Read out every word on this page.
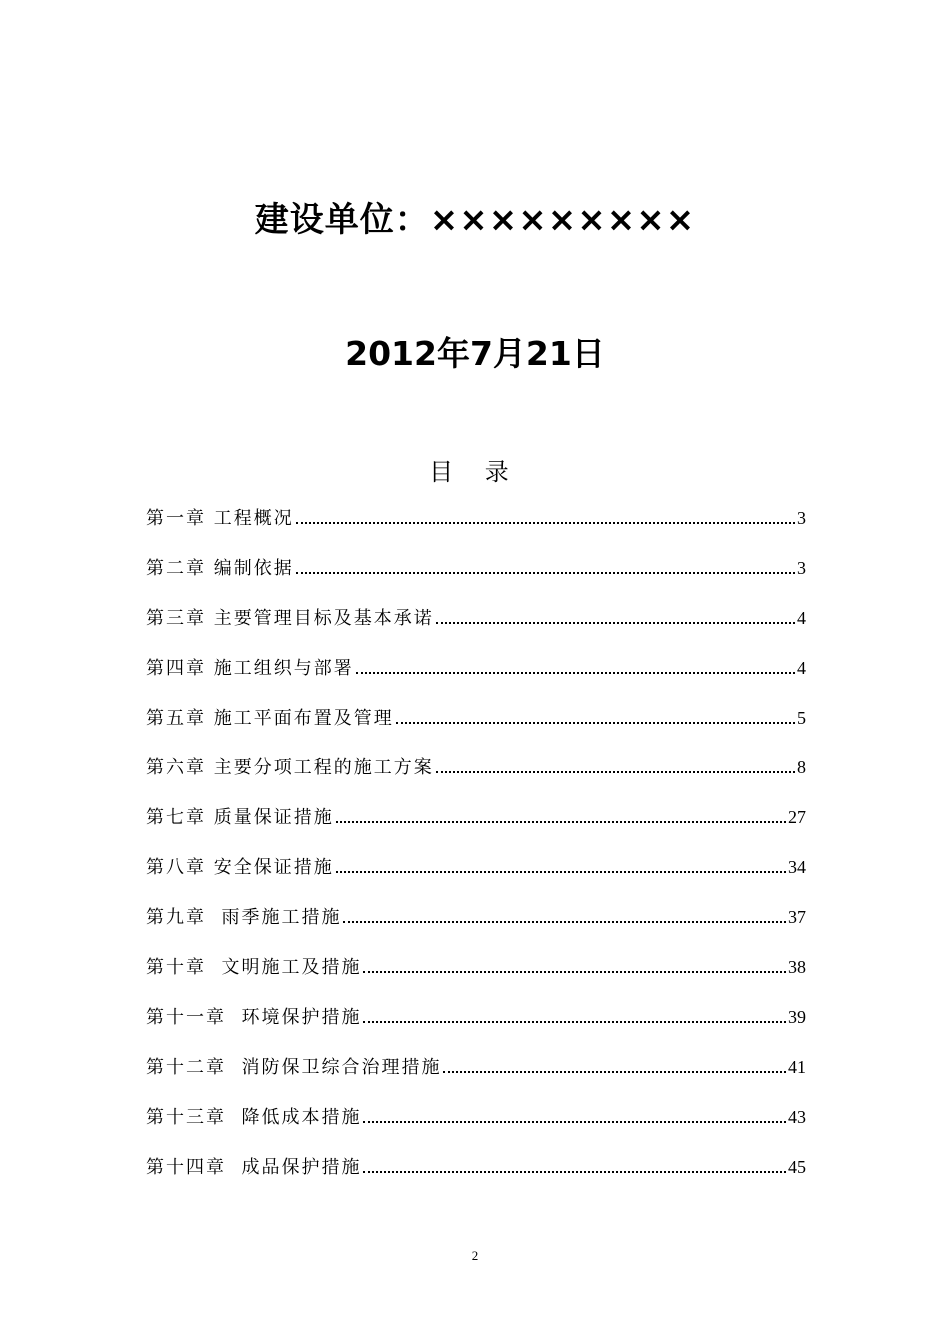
建设单位：×××××××××
2012年7月21日
目 录
第一章 工程概况	3
第二章 编制依据	3
第三章 主要管理目标及基本承诺	4
第四章 施工组织与部署	4
第五章 施工平面布置及管理	5
第六章 主要分项工程的施工方案	8
第七章 质量保证措施	27
第八章 安全保证措施	34
第九章  雨季施工措施	37
第十章  文明施工及措施	38
第十一章  环境保护措施	39
第十二章  消防保卫综合治理措施	41
第十三章  降低成本措施	43
第十四章  成品保护措施	45
2
